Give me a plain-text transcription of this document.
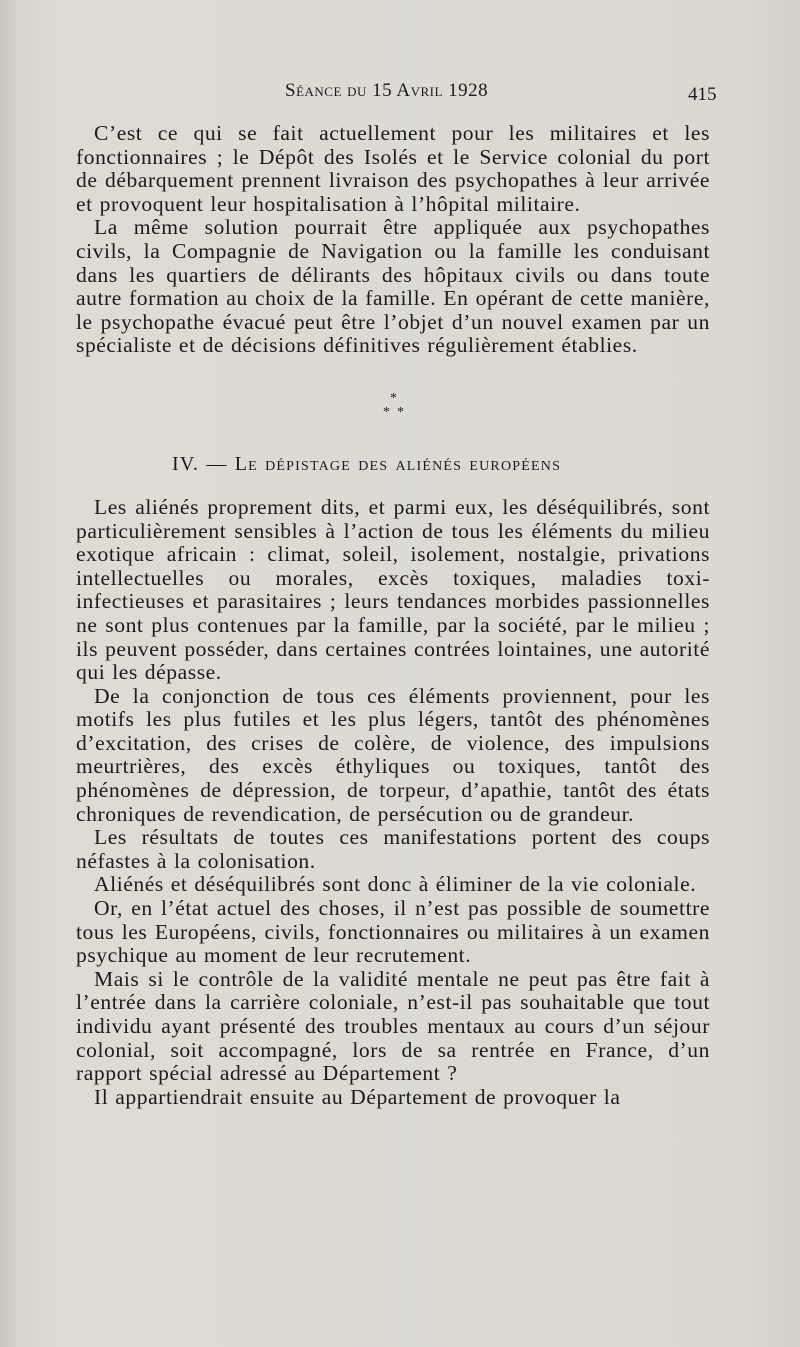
Séance du 15 Avril 1928	415

C’est ce qui se fait actuellement pour les militaires et les fonctionnaires ; le Dépôt des Isolés et le Service colonial du port de débarquement prennent livraison des psychopathes à leur arrivée et provoquent leur hospitalisation à l’hôpital militaire.

La même solution pourrait être appliquée aux psychopathes civils, la Compagnie de Navigation ou la famille les conduisant dans les quartiers de délirants des hôpitaux civils ou dans toute autre formation au choix de la famille. En opérant de cette manière, le psychopathe évacué peut être l’objet d’un nouvel examen par un spécialiste et de décisions définitives régulièrement établies.

*
* *

IV. — Le dépistage des aliénés européens

Les aliénés proprement dits, et parmi eux, les déséquilibrés, sont particulièrement sensibles à l’action de tous les éléments du milieu exotique africain : climat, soleil, isolement, nostalgie, privations intellectuelles ou morales, excès toxiques, maladies toxi-infectieuses et parasitaires ; leurs tendances morbides passionnelles ne sont plus contenues par la famille, par la société, par le milieu ; ils peuvent posséder, dans certaines contrées lointaines, une autorité qui les dépasse.

De la conjonction de tous ces éléments proviennent, pour les motifs les plus futiles et les plus légers, tantôt des phénomènes d’excitation, des crises de colère, de violence, des impulsions meurtrières, des excès éthyliques ou toxiques, tantôt des phénomènes de dépression, de torpeur, d’apathie, tantôt des états chroniques de revendication, de persécution ou de grandeur.

Les résultats de toutes ces manifestations portent des coups néfastes à la colonisation.

Aliénés et déséquilibrés sont donc à éliminer de la vie coloniale.

Or, en l’état actuel des choses, il n’est pas possible de soumettre tous les Européens, civils, fonctionnaires ou militaires à un examen psychique au moment de leur recrutement.

Mais si le contrôle de la validité mentale ne peut pas être fait à l’entrée dans la carrière coloniale, n’est-il pas souhaitable que tout individu ayant présenté des troubles mentaux au cours d’un séjour colonial, soit accompagné, lors de sa rentrée en France, d’un rapport spécial adressé au Département ?

Il appartiendrait ensuite au Département de provoquer la
